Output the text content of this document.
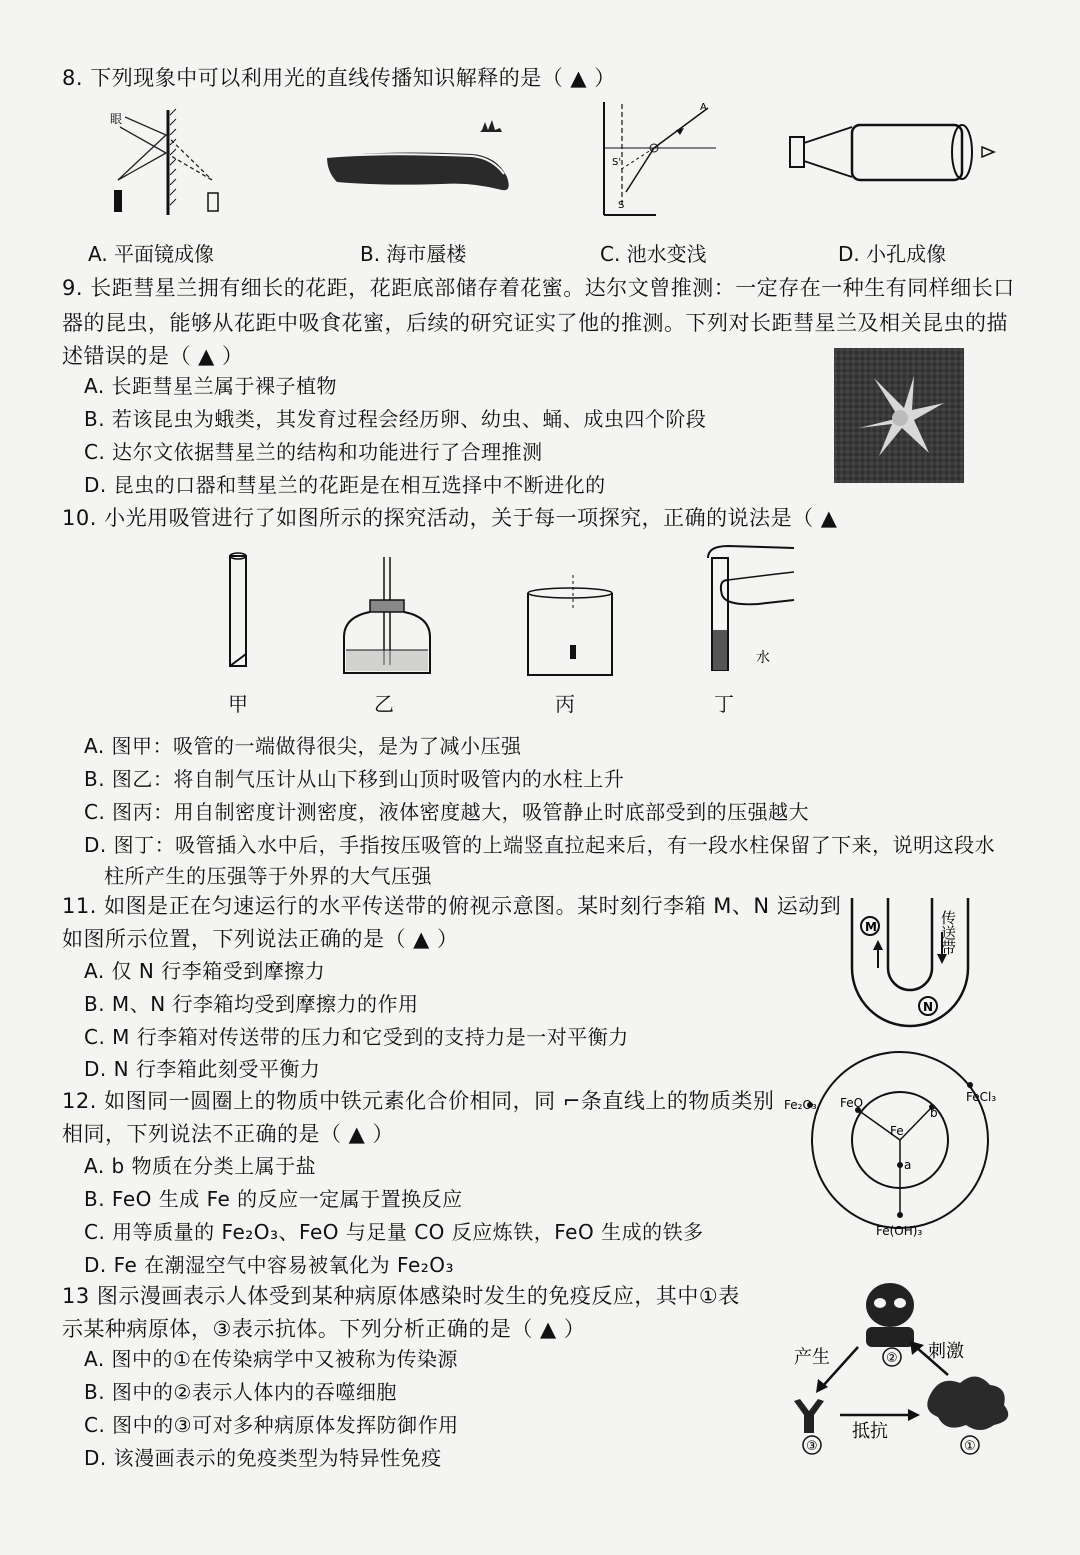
8. 下列现象中可以利用光的直线传播知识解释的是（ ▲ ）
眼
S'
S
A
A. 平面镜成像	B. 海市蜃楼	C. 池水变浅	D. 小孔成像
9. 长距彗星兰拥有细长的花距，花距底部储存着花蜜。达尔文曾推测：一定存在一种生有同样细长口
器的昆虫，能够从花距中吸食花蜜，后续的研究证实了他的推测。下列对长距彗星兰及相关昆虫的描
述错误的是（ ▲ ）
A. 长距彗星兰属于裸子植物
B. 若该昆虫为蛾类，其发育过程会经历卵、幼虫、蛹、成虫四个阶段
C. 达尔文依据彗星兰的结构和功能进行了合理推测
D. 昆虫的口器和彗星兰的花距是在相互选择中不断进化的
10. 小光用吸管进行了如图所示的探究活动，关于每一项探究，正确的说法是（ ▲
水
甲	乙	丙	丁
A. 图甲：吸管的一端做得很尖，是为了减小压强
B. 图乙：将自制气压计从山下移到山顶时吸管内的水柱上升
C. 图丙：用自制密度计测密度，液体密度越大，吸管静止时底部受到的压强越大
D. 图丁：吸管插入水中后，手指按压吸管的上端竖直拉起来后，有一段水柱保留了下来，说明这段水
柱所产生的压强等于外界的大气压强
11. 如图是正在匀速运行的水平传送带的俯视示意图。某时刻行李箱 M、N 运动到
如图所示位置，下列说法正确的是（ ▲ ）
A. 仅 N 行李箱受到摩擦力
B. M、N 行李箱均受到摩擦力的作用
C. M 行李箱对传送带的压力和它受到的支持力是一对平衡力
D. N 行李箱此刻受平衡力
M
N
传送带
12. 如图同一圆圈上的物质中铁元素化合价相同，同 ⌐条直线上的物质类别
相同，下列说法不正确的是（ ▲ ）
A. b 物质在分类上属于盐
B. FeO 生成 Fe 的反应一定属于置换反应
C. 用等质量的 Fe₂O₃、FeO 与足量 CO 反应炼铁，FeO 生成的铁多
D. Fe 在潮湿空气中容易被氧化为 Fe₂O₃
Fe₂O₃ FeO
Fe
b
a
FeCl₃
Fe(OH)₃
13 图示漫画表示人体受到某种病原体感染时发生的免疫反应，其中①表
示某种病原体，③表示抗体。下列分析正确的是（ ▲ ）
A. 图中的①在传染病学中又被称为传染源
B. 图中的②表示人体内的吞噬细胞
C. 图中的③可对多种病原体发挥防御作用
D. 该漫画表示的免疫类型为特异性免疫
②
产生	刺激
抵抗
③	①
